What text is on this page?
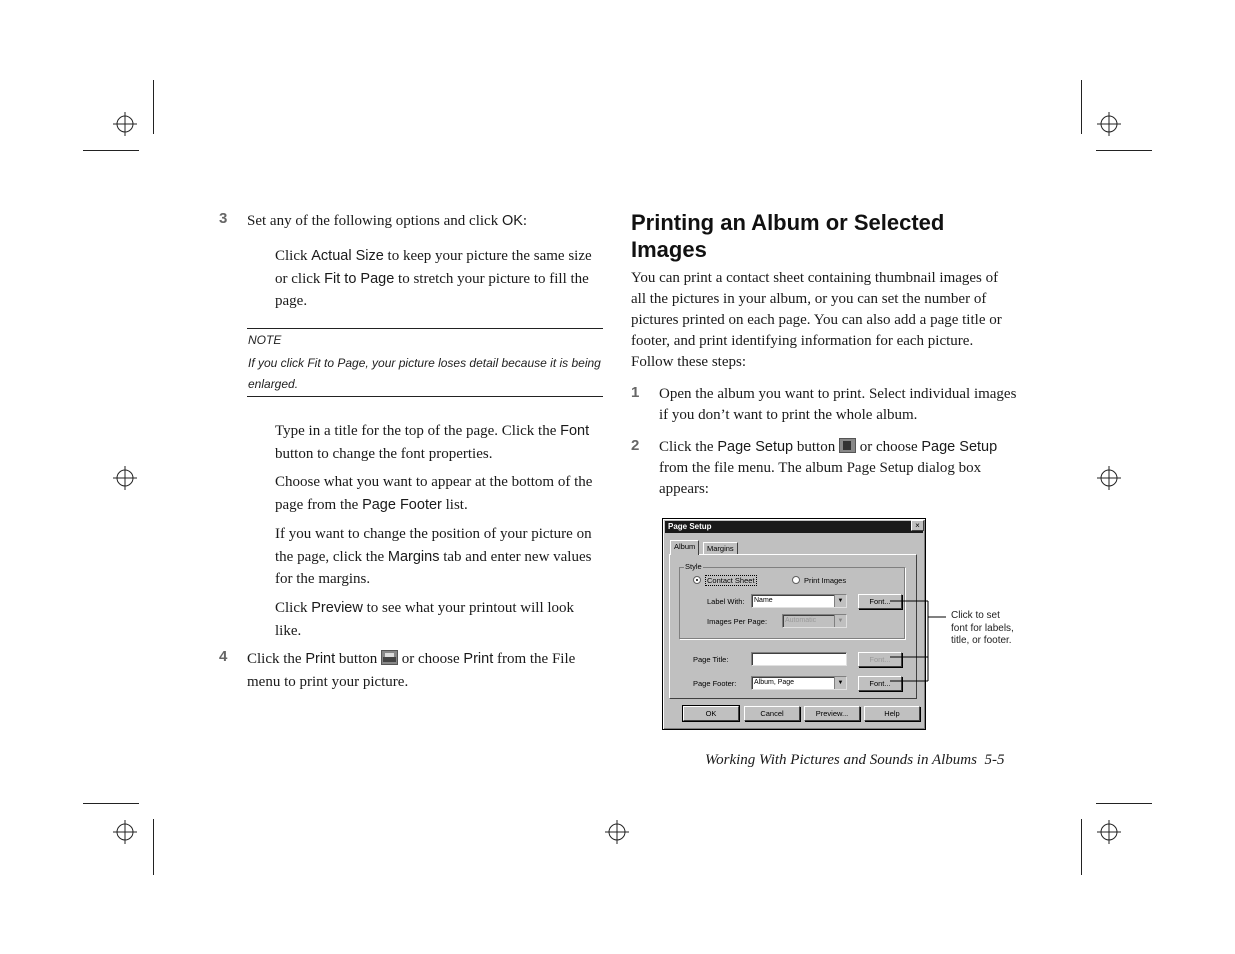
3 Set any of the following options and click OK:
Click Actual Size to keep your picture the same size or click Fit to Page to stretch your picture to fill the page.
NOTE
If you click Fit to Page, your picture loses detail because it is being enlarged.
Type in a title for the top of the page. Click the Font button to change the font properties.
Choose what you want to appear at the bottom of the page from the Page Footer list.
If you want to change the position of your picture on the page, click the Margins tab and enter new values for the margins.
Click Preview to see what your printout will look like.
4 Click the Print button  or choose Print from the File menu to print your picture.
Printing an Album or Selected Images
You can print a contact sheet containing thumbnail images of all the pictures in your album, or you can set the number of pictures printed on each page. You can also add a page title or footer, and print identifying information for each picture. Follow these steps:
1 Open the album you want to print. Select individual images if you don’t want to print the whole album.
2 Click the Page Setup button  or choose Page Setup from the file menu. The album Page Setup dialog box appears:
Page Setup	×
Album	Margins
Style
Contact Sheet	Print Images
Label With:	Name	▼	Font...
Images Per Page:	Automatic	▼
Page Title:	Font...
Page Footer:	Album, Page	▼	Font...
OK	Cancel	Preview...	Help
Click to set font for labels, title, or footer.
Working With Pictures and Sounds in Albums 5-5
